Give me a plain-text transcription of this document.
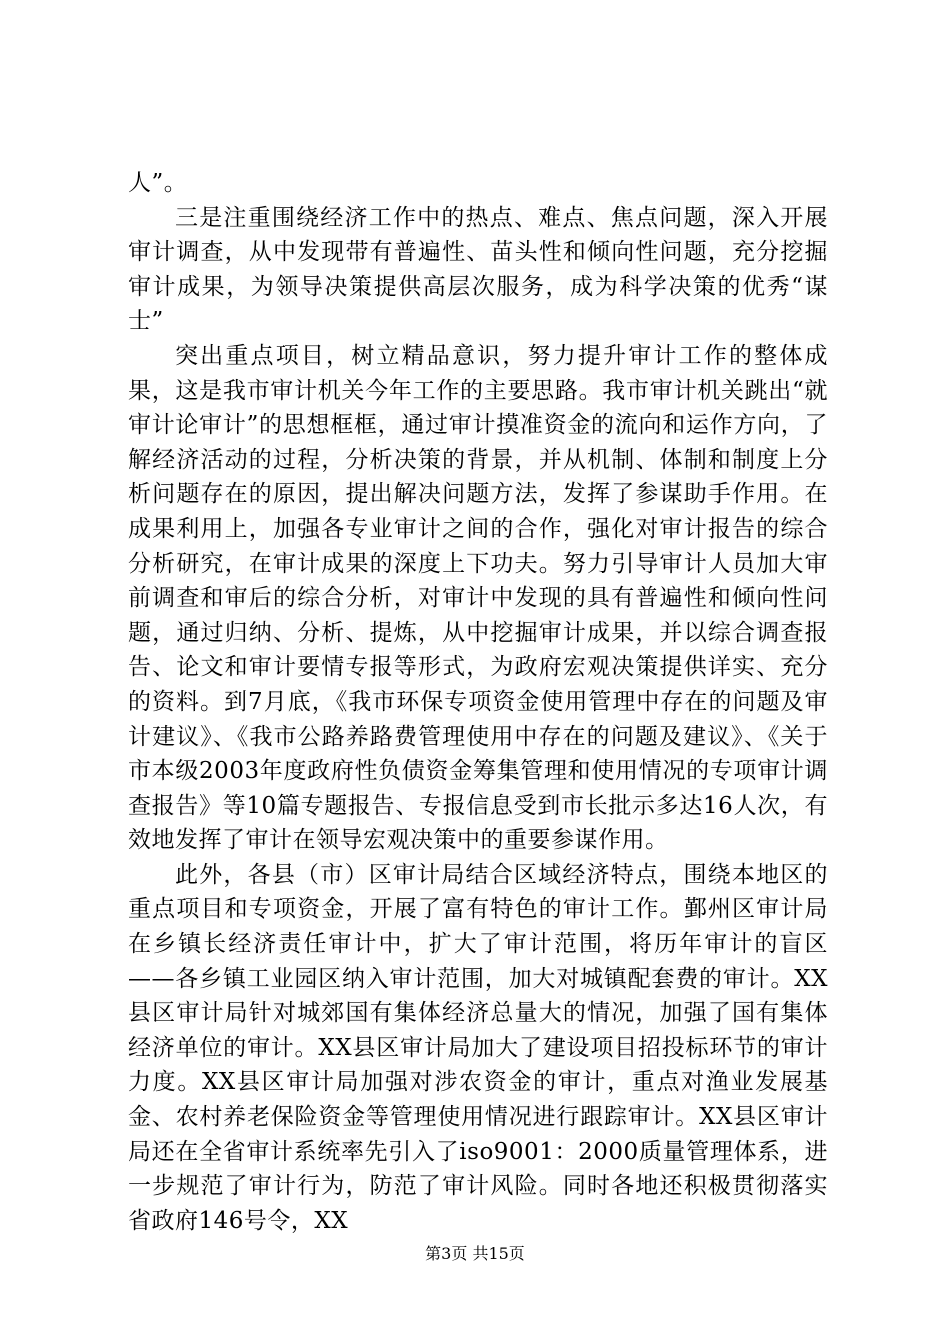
人”。

三是注重围绕经济工作中的热点、难点、焦点问题，深入开展审计调查，从中发现带有普遍性、苗头性和倾向性问题，充分挖掘审计成果，为领导决策提供高层次服务，成为科学决策的优秀“谋士”

突出重点项目，树立精品意识，努力提升审计工作的整体成果，这是我市审计机关今年工作的主要思路。我市审计机关跳出“就审计论审计”的思想框框，通过审计摸准资金的流向和运作方向，了解经济活动的过程，分析决策的背景，并从机制、体制和制度上分析问题存在的原因，提出解决问题方法，发挥了参谋助手作用。在成果利用上，加强各专业审计之间的合作，强化对审计报告的综合分析研究，在审计成果的深度上下功夫。努力引导审计人员加大审前调查和审后的综合分析，对审计中发现的具有普遍性和倾向性问题，通过归纳、分析、提炼，从中挖掘审计成果，并以综合调查报告、论文和审计要情专报等形式，为政府宏观决策提供详实、充分的资料。到7月底，《我市环保专项资金使用管理中存在的问题及审计建议》、《我市公路养路费管理使用中存在的问题及建议》、《关于市本级2003年度政府性负债资金筹集管理和使用情况的专项审计调查报告》等10篇专题报告、专报信息受到市长批示多达16人次，有效地发挥了审计在领导宏观决策中的重要参谋作用。

此外，各县（市）区审计局结合区域经济特点，围绕本地区的重点项目和专项资金，开展了富有特色的审计工作。鄞州区审计局在乡镇长经济责任审计中，扩大了审计范围，将历年审计的盲区——各乡镇工业园区纳入审计范围，加大对城镇配套费的审计。XX县区审计局针对城郊国有集体经济总量大的情况，加强了国有集体经济单位的审计。XX县区审计局加大了建设项目招投标环节的审计力度。XX县区审计局加强对涉农资金的审计，重点对渔业发展基金、农村养老保险资金等管理使用情况进行跟踪审计。XX县区审计局还在全省审计系统率先引入了iso9001：2000质量管理体系，进一步规范了审计行为，防范了审计风险。同时各地还积极贯彻落实省政府146号令，XX

第3页 共15页
